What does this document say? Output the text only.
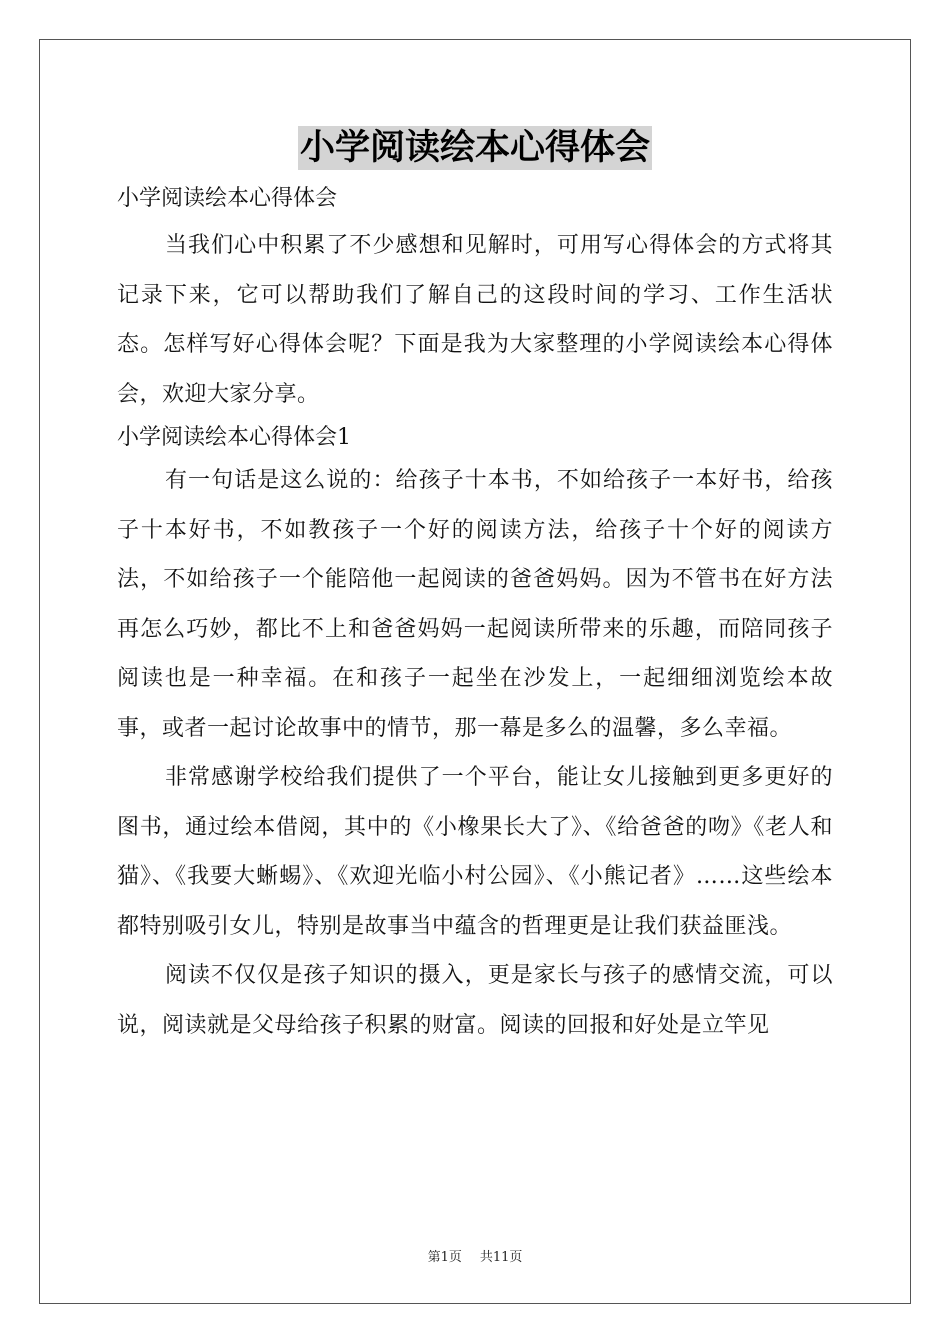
小学阅读绘本心得体会

小学阅读绘本心得体会

当我们心中积累了不少感想和见解时，可用写心得体会的方式将其记录下来，它可以帮助我们了解自己的这段时间的学习、工作生活状态。怎样写好心得体会呢？下面是我为大家整理的小学阅读绘本心得体会，欢迎大家分享。

小学阅读绘本心得体会1

有一句话是这么说的：给孩子十本书，不如给孩子一本好书，给孩子十本好书，不如教孩子一个好的阅读方法，给孩子十个好的阅读方法，不如给孩子一个能陪他一起阅读的爸爸妈妈。因为不管书在好方法再怎么巧妙，都比不上和爸爸妈妈一起阅读所带来的乐趣，而陪同孩子阅读也是一种幸福。在和孩子一起坐在沙发上，一起细细浏览绘本故事，或者一起讨论故事中的情节，那一幕是多么的温馨，多么幸福。

非常感谢学校给我们提供了一个平台，能让女儿接触到更多更好的图书，通过绘本借阅，其中的《小橡果长大了》、《给爸爸的吻》《老人和猫》、《我要大蜥蜴》、《欢迎光临小村公园》、《小熊记者》……这些绘本都特别吸引女儿，特别是故事当中蕴含的哲理更是让我们获益匪浅。

阅读不仅仅是孩子知识的摄入，更是家长与孩子的感情交流，可以说，阅读就是父母给孩子积累的财富。阅读的回报和好处是立竿见

第1页 共11页
